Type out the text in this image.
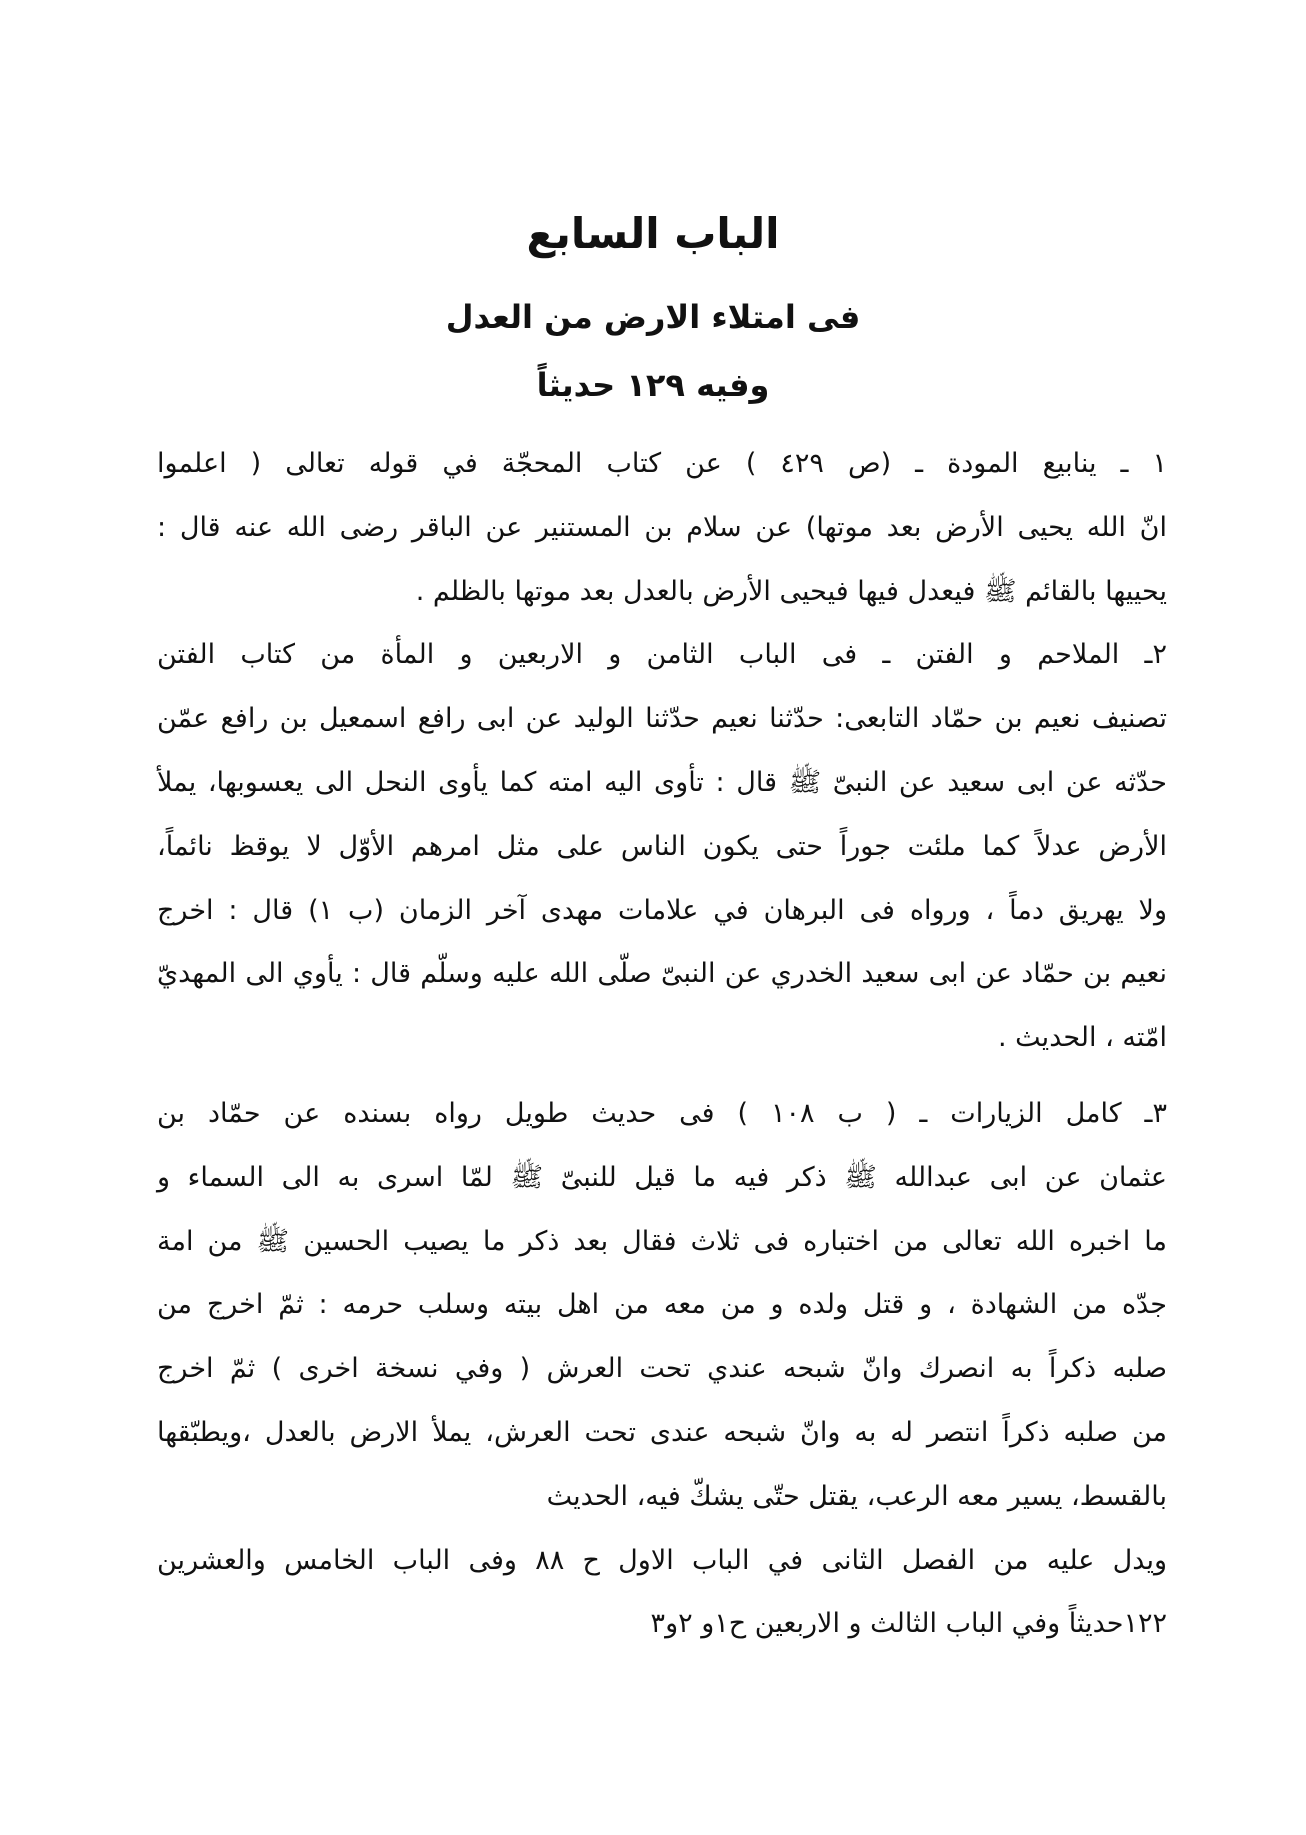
الباب السابع
فی امتلاء الارض من العدل
وفیه ۱۲۹ حدیثاً
۱ ـ ینابیع المودة ـ (ص ٤۲۹ ) عن کتاب المحجّة في قوله تعالی ( اعلموا
انّ الله یحیی الأرض بعد موتها) عن سلام بن المستنیر عن الباقر رضی الله عنه قال :
یحییها بالقائم ﷺ فیعدل فیها فیحیی الأرض بالعدل بعد موتها بالظلم .
۲ـ الملاحم و الفتن ـ فی الباب الثامن و الاربعین و المأة من کتاب الفتن
تصنیف نعیم بن حمّاد التابعی: حدّثنا نعیم حدّثنا الولید عن ابی رافع اسمعیل بن رافع عمّن
حدّثه عن ابی سعید عن النبیّ ﷺ قال : تأوی الیه امته کما یأوی النحل الی یعسوبها، یملأ
الأرض عدلاً کما ملئت جوراً حتی یکون الناس علی مثل امرهم الأوّل لا یوقظ نائماً،
ولا یهریق دماً ، ورواه فی البرهان في علامات مهدی آخر الزمان (ب ۱) قال : اخرج
نعیم بن حمّاد عن ابی سعید الخدري عن النبیّ صلّی الله علیه وسلّم قال : یأوي الی المهديّ
امّته ، الحدیث .
۳ـ کامل الزیارات ـ ( ب ۱۰۸ ) فی حدیث طویل رواه بسنده عن حمّاد بن
عثمان عن ابی عبدالله ﷺ ذکر فیه ما قیل للنبیّ ﷺ لمّا اسری به الی السماء و
ما اخبره الله تعالی من اختباره فی ثلاث فقال بعد ذکر ما یصیب الحسین ﷺ من امة
جدّه من الشهادة ، و قتل ولده و من معه من اهل بیته وسلب حرمه : ثمّ اخرج من
صلبه ذکراً به انصرك وانّ شبحه عندي تحت العرش ( وفي نسخة اخری ) ثمّ اخرج
من صلبه ذکراً انتصر له به وانّ شبحه عندی تحت العرش، یملأ الارض بالعدل ،ویطبّقها
بالقسط، یسیر معه الرعب، یقتل حتّی یشكّ فیه، الحدیث
ویدل علیه من الفصل الثانی في الباب الاول ح ۸۸ وفی الباب الخامس والعشرین
۱۲۲حدیثاً وفي الباب الثالث و الاربعین ح۱و ۲و۳
